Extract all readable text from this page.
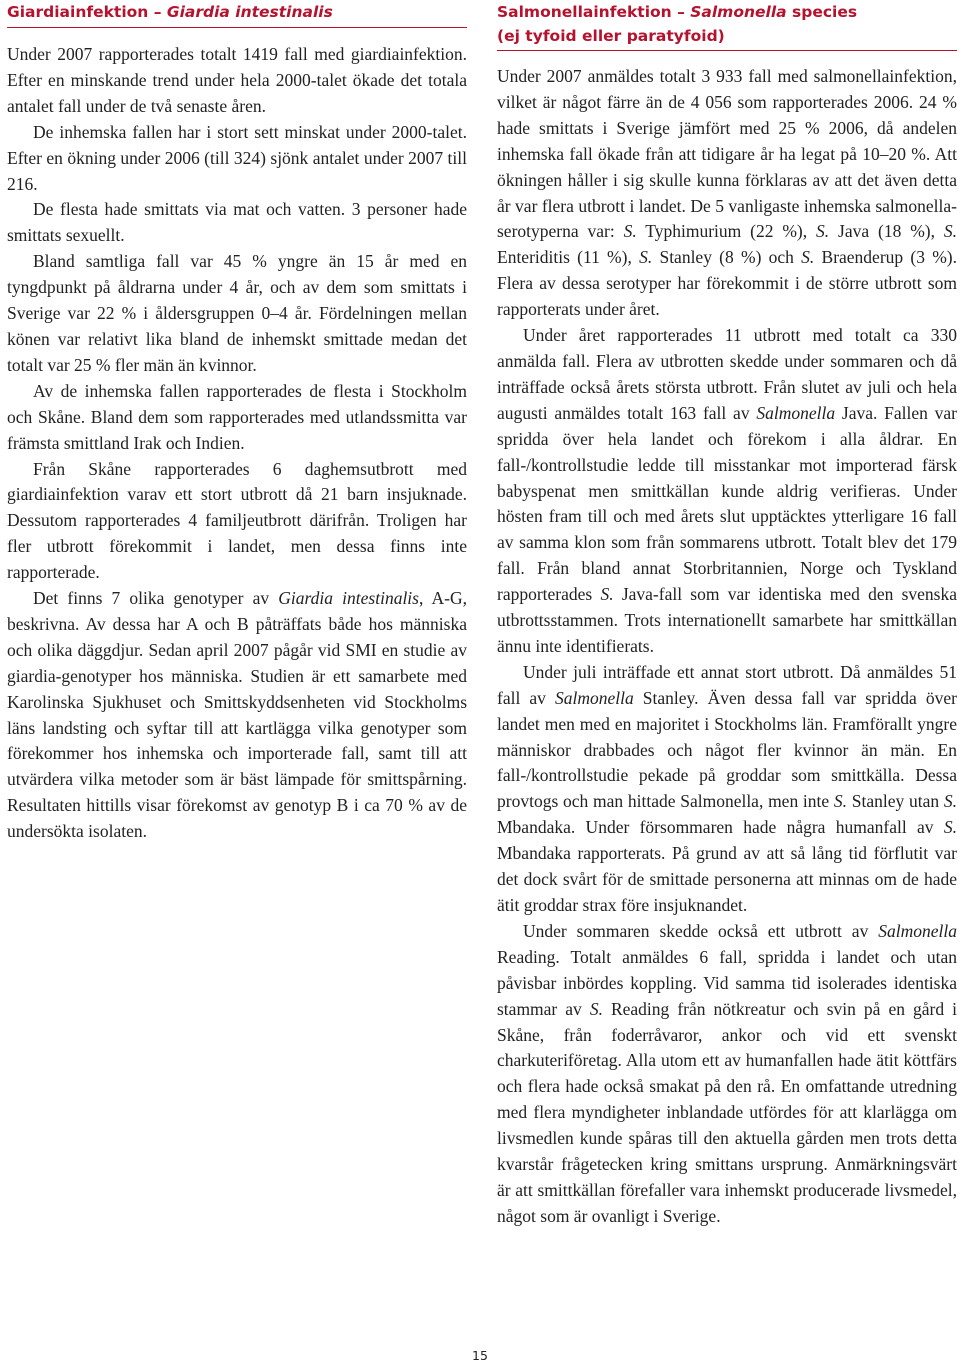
Giardiainfektion – Giardia intestinalis

Under 2007 rapporterades totalt 1419 fall med giardiainfektion. Efter en minskande trend under hela 2000-talet ökade det totala antalet fall under de två senaste åren.

De inhemska fallen har i stort sett minskat under 2000-talet. Efter en ökning under 2006 (till 324) sjönk antalet under 2007 till 216.

De flesta hade smittats via mat och vatten. 3 personer hade smittats sexuellt.

Bland samtliga fall var 45 % yngre än 15 år med en tyngdpunkt på åldrarna under 4 år, och av dem som smittats i Sverige var 22 % i åldersgruppen 0–4 år. Fördelningen mellan könen var relativt lika bland de inhemskt smittade medan det totalt var 25 % fler män än kvinnor.

Av de inhemska fallen rapporterades de flesta i Stockholm och Skåne. Bland dem som rapporterades med utlandssmitta var främsta smittland Irak och Indien.

Från Skåne rapporterades 6 daghemsutbrott med giardiainfektion varav ett stort utbrott då 21 barn insjuknade. Dessutom rapporterades 4 familjeutbrott därifrån. Troligen har fler utbrott förekommit i landet, men dessa finns inte rapporterade.

Det finns 7 olika genotyper av Giardia intestinalis, A-G, beskrivna. Av dessa har A och B påträffats både hos människa och olika däggdjur. Sedan april 2007 pågår vid SMI en studie av giardia-genotyper hos människa. Studien är ett samarbete med Karolinska Sjukhuset och Smittskyddsenheten vid Stockholms läns landsting och syftar till att kartlägga vilka genotyper som förekommer hos inhemska och importerade fall, samt till att utvärdera vilka metoder som är bäst lämpade för smittspårning. Resultaten hittills visar förekomst av genotyp B i ca 70 % av de undersökta isolaten.

Salmonellainfektion – Salmonella species
(ej tyfoid eller paratyfoid)

Under 2007 anmäldes totalt 3 933 fall med salmonellainfektion, vilket är något färre än de 4 056 som rapporterades 2006. 24 % hade smittats i Sverige jämfört med 25 % 2006, då andelen inhemska fall ökade från att tidigare år ha legat på 10–20 %. Att ökningen håller i sig skulle kunna förklaras av att det även detta år var flera utbrott i landet. De 5 vanligaste inhemska salmonella-serotyperna var: S. Typhimurium (22 %), S. Java (18 %), S. Enteriditis (11 %), S. Stanley (8 %) och S. Braenderup (3 %). Flera av dessa serotyper har förekommit i de större utbrott som rapporterats under året.

Under året rapporterades 11 utbrott med totalt ca 330 anmälda fall. Flera av utbrotten skedde under sommaren och då inträffade också årets största utbrott. Från slutet av juli och hela augusti anmäldes totalt 163 fall av Salmonella Java. Fallen var spridda över hela landet och förekom i alla åldrar. En fall-/kontrollstudie ledde till misstankar mot importerad färsk babyspenat men smittkällan kunde aldrig verifieras. Under hösten fram till och med årets slut upptäcktes ytterligare 16 fall av samma klon som från sommarens utbrott. Totalt blev det 179 fall. Från bland annat Storbritannien, Norge och Tyskland rapporterades S. Java-fall som var identiska med den svenska utbrottsstammen. Trots internationellt samarbete har smittkällan ännu inte identifierats.

Under juli inträffade ett annat stort utbrott. Då anmäldes 51 fall av Salmonella Stanley. Även dessa fall var spridda över landet men med en majoritet i Stockholms län. Framförallt yngre människor drabbades och något fler kvinnor än män. En fall-/kontrollstudie pekade på groddar som smittkälla. Dessa provtogs och man hittade Salmonella, men inte S. Stanley utan S. Mbandaka. Under försommaren hade några humanfall av S. Mbandaka rapporterats. På grund av att så lång tid förflutit var det dock svårt för de smittade personerna att minnas om de hade ätit groddar strax före insjuknandet.

Under sommaren skedde också ett utbrott av Salmonella Reading. Totalt anmäldes 6 fall, spridda i landet och utan påvisbar inbördes koppling. Vid samma tid isolerades identiska stammar av S. Reading från nötkreatur och svin på en gård i Skåne, från foderråvaror, ankor och vid ett svenskt charkuteriföretag. Alla utom ett av humanfallen hade ätit köttfärs och flera hade också smakat på den rå. En omfattande utredning med flera myndigheter inblandade utfördes för att klarlägga om livsmedlen kunde spåras till den aktuella gården men trots detta kvarstår frågetecken kring smittans ursprung. Anmärkningsvärt är att smittkällan förefaller vara inhemskt producerade livsmedel, något som är ovanligt i Sverige.

15
